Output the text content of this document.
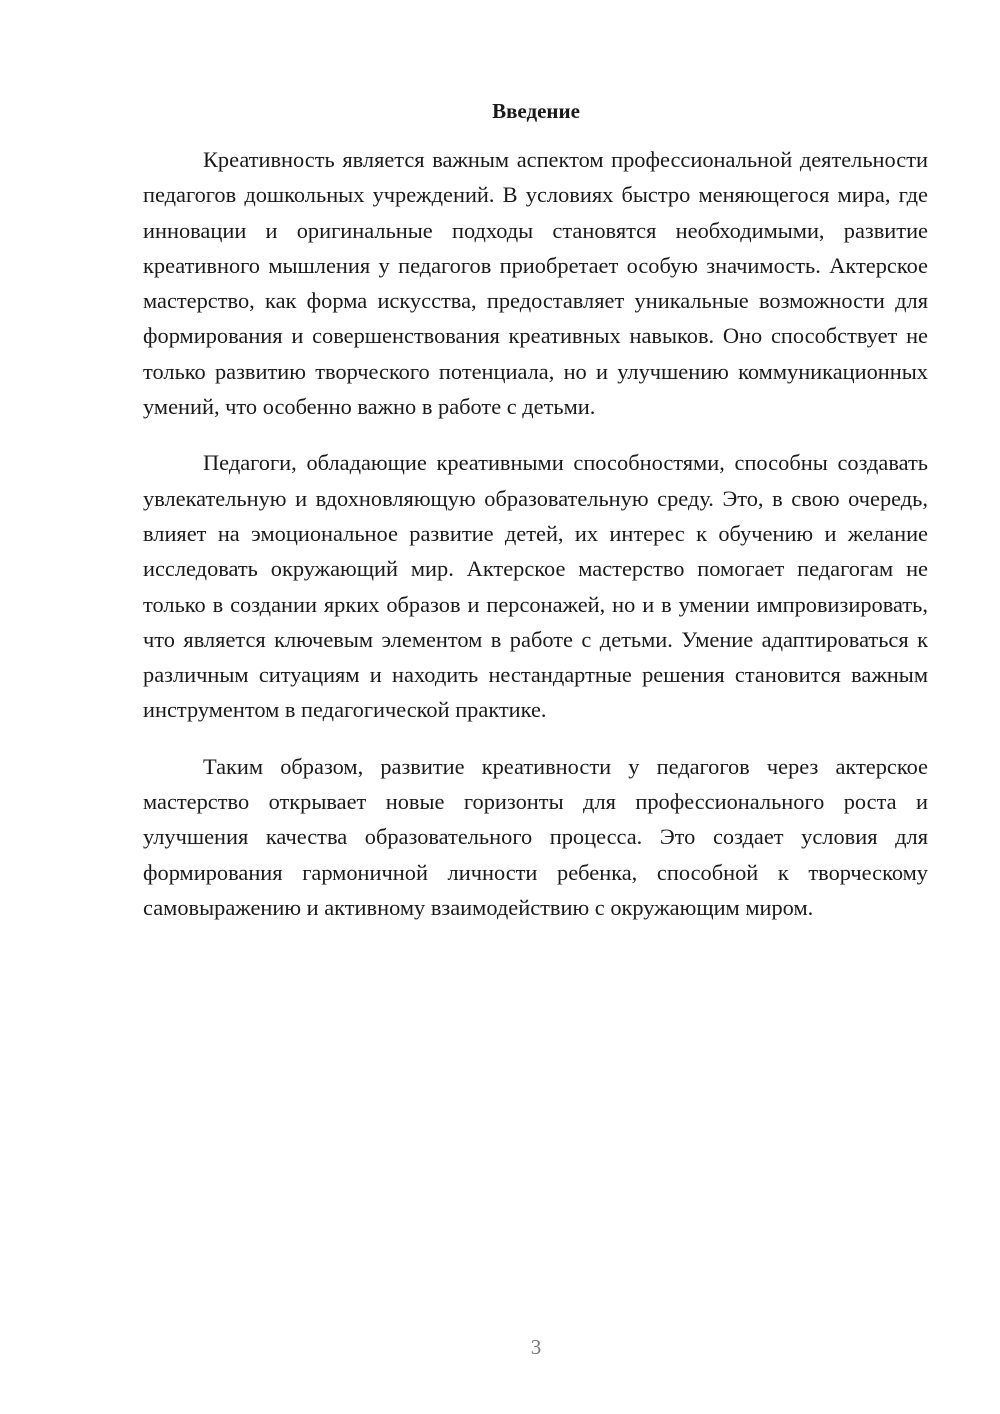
Введение

Креативность является важным аспектом профессиональной деятельности педагогов дошкольных учреждений. В условиях быстро меняющегося мира, где инновации и оригинальные подходы становятся необходимыми, развитие креативного мышления у педагогов приобретает особую значимость. Актерское мастерство, как форма искусства, предоставляет уникальные возможности для формирования и совершенствования креативных навыков. Оно способствует не только развитию творческого потенциала, но и улучшению коммуникационных умений, что особенно важно в работе с детьми.

Педагоги, обладающие креативными способностями, способны создавать увлекательную и вдохновляющую образовательную среду. Это, в свою очередь, влияет на эмоциональное развитие детей, их интерес к обучению и желание исследовать окружающий мир. Актерское мастерство помогает педагогам не только в создании ярких образов и персонажей, но и в умении импровизировать, что является ключевым элементом в работе с детьми. Умение адаптироваться к различным ситуациям и находить нестандартные решения становится важным инструментом в педагогической практике.

Таким образом, развитие креативности у педагогов через актерское мастерство открывает новые горизонты для профессионального роста и улучшения качества образовательного процесса. Это создает условия для формирования гармоничной личности ребенка, способной к творческому самовыражению и активному взаимодействию с окружающим миром.

3
